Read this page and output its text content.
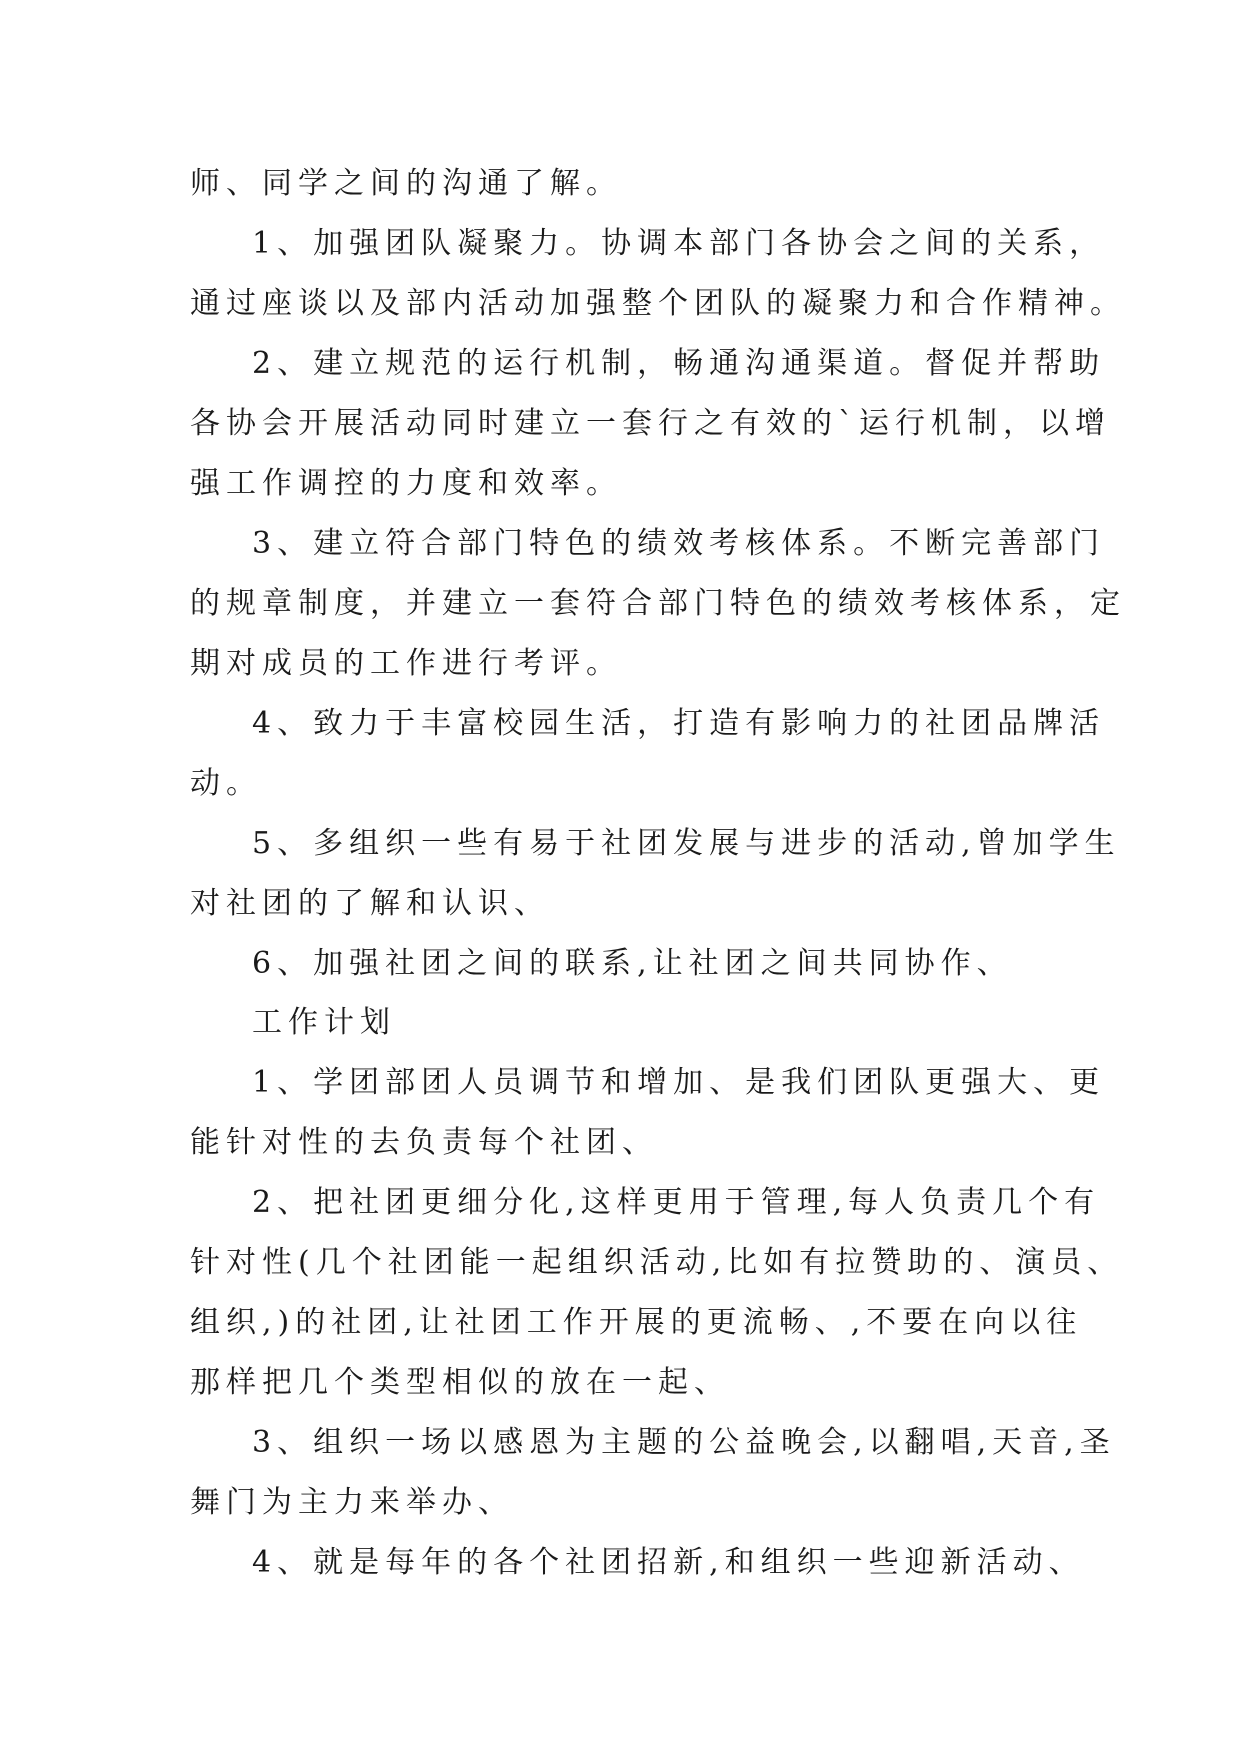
师、同学之间的沟通了解。
1、加强团队凝聚力。协调本部门各协会之间的关系，
通过座谈以及部内活动加强整个团队的凝聚力和合作精神。
2、建立规范的运行机制，畅通沟通渠道。督促并帮助
各协会开展活动同时建立一套行之有效的`运行机制，以增
强工作调控的力度和效率。
3、建立符合部门特色的绩效考核体系。不断完善部门
的规章制度，并建立一套符合部门特色的绩效考核体系，定
期对成员的工作进行考评。
4、致力于丰富校园生活，打造有影响力的社团品牌活
动。
5、多组织一些有易于社团发展与进步的活动,曾加学生
对社团的了解和认识、
6、加强社团之间的联系,让社团之间共同协作、
工作计划
1、学团部团人员调节和增加、是我们团队更强大、更
能针对性的去负责每个社团、
2、把社团更细分化,这样更用于管理,每人负责几个有
针对性(几个社团能一起组织活动,比如有拉赞助的、演员、
组织,)的社团,让社团工作开展的更流畅、,不要在向以往
那样把几个类型相似的放在一起、
3、组织一场以感恩为主题的公益晚会,以翻唱,天音,圣
舞门为主力来举办、
4、就是每年的各个社团招新,和组织一些迎新活动、
